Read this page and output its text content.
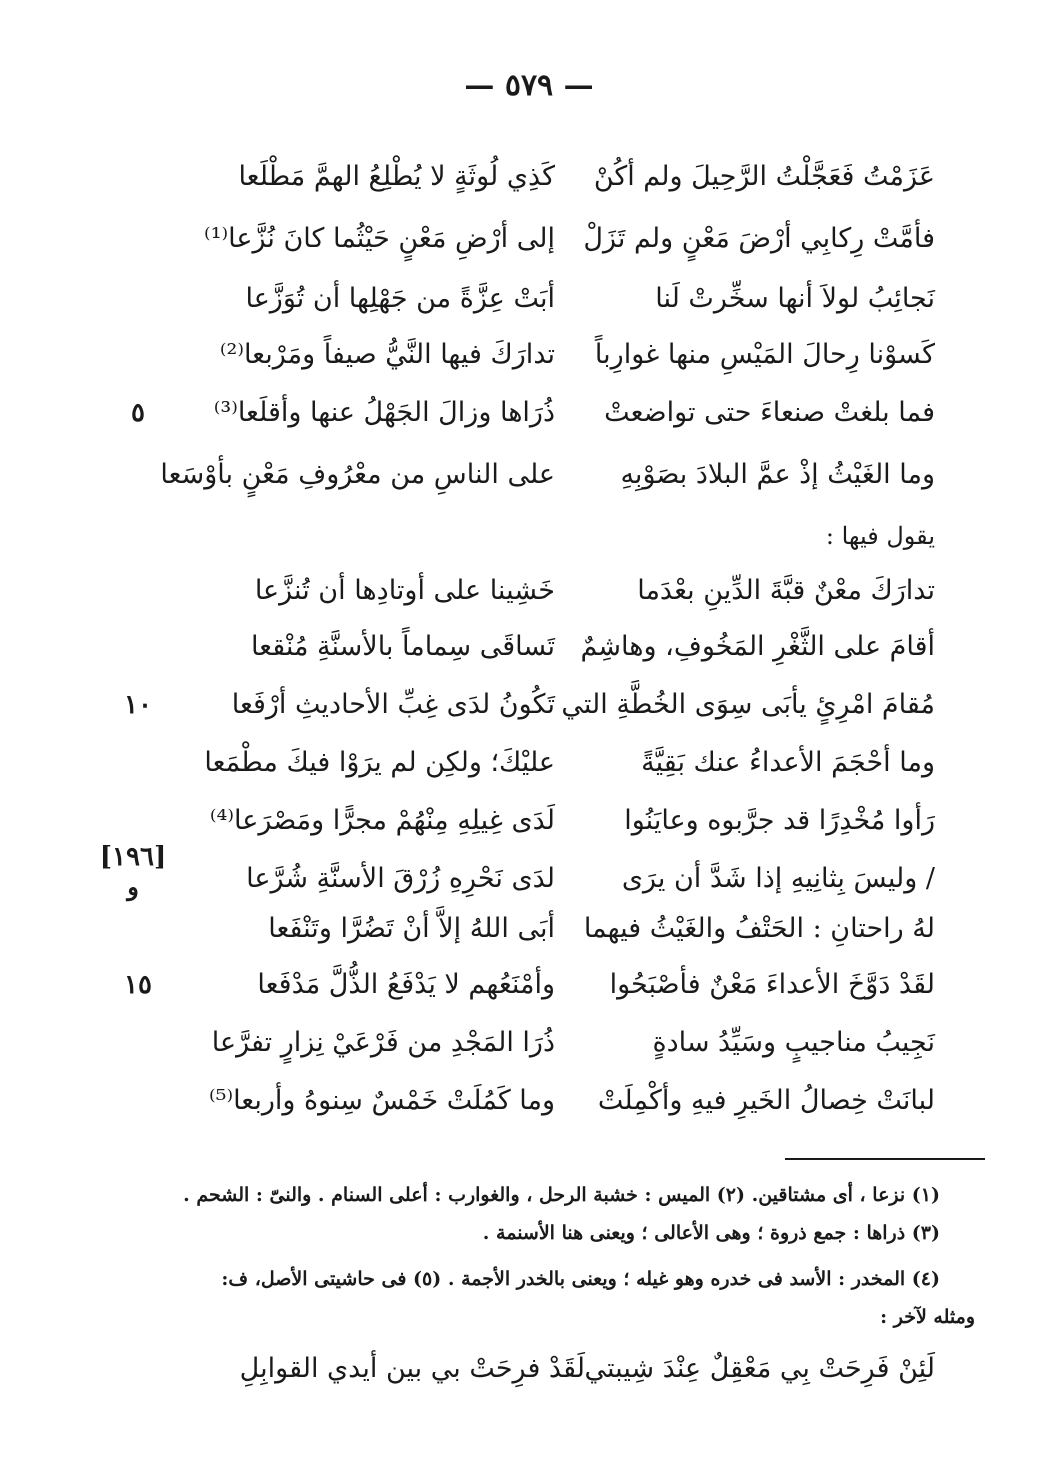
— ٥٧٩ —
عَزَمْتُ فَعَجَّلْتُ الرَّحِيلَ ولم أكُنْ
كَذِي لُوثَةٍ لا يُطْلِعُ الهمَّ مَطْلَعا
فأمَّتْ رِكابِي أرْضَ مَعْنٍ ولم تَزَلْ
إلى أرْضِ مَعْنٍ حَيْثُما كانَ نُزَّعا⁽¹⁾
نَجائِبُ لولاَ أنها سخِّرتْ لَنا
أبَتْ عِزَّةً من جَهْلِها أن تُوَزَّعا
كَسوْنا رِحالَ المَيْسِ منها غوارِباً
تدارَكَ فيها النَّيُّ صيفاً ومَرْبعا⁽²⁾
فما بلغتْ صنعاءَ حتى تواضعتْ
ذُرَاها وزالَ الجَهْلُ عنها وأقلَعا⁽³⁾
٥
وما الغَيْثُ إذْ عمَّ البلادَ بصَوْبِهِ
على الناسِ من معْرُوفِ مَعْنٍ بأوْسَعا
يقول فيها :
تدارَكَ معْنٌ قبَّةَ الدِّينِ بعْدَما
خَشِينا على أوتادِها أن تُنزَّعا
أقامَ على الثَّغْرِ المَخُوفِ، وهاشِمٌ
تَساقَى سِماماً بالأسنَّةِ مُنْقعا
مُقامَ امْرِئٍ يأبَى سِوَى الخُطَّةِ التي
تَكُونُ لدَى غِبِّ الأحاديثِ أرْفَعا
١٠
وما أحْجَمَ الأعداءُ عنك بَقِيَّةً
عليْكَ؛ ولكِن لم يرَوْا فيكَ مطْمَعا
رَأوا مُخْدِرًا قد جرَّبوه وعايَنُوا
لَدَى غِيلِهِ مِنْهُمْ مجرًّا ومَصْرَعا⁽⁴⁾
/ وليسَ بِثانِيهِ إذا شَدَّ أن يرَى
لدَى نَحْرِهِ زُرْقَ الأسنَّةِ شُرَّعا
لهُ راحتانِ : الحَتْفُ والغَيْثُ فيهما
أبَى اللهُ إلاَّ أنْ تَضُرَّا وتَنْفَعا
لقَدْ دَوَّخَ الأعداءَ مَعْنٌ فأصْبَحُوا
وأمْنَعُهم لا يَدْفَعُ الذُّلَّ مَدْفَعا
١٥
نَجِيبُ مناجيبٍ وسَيِّدُ سادةٍ
ذُرَا المَجْدِ من فَرْعَيْ نِزارٍ تفرَّعا
لبانَتْ خِصالُ الخَيرِ فيهِ وأكْمِلَتْ
وما كَمُلَتْ خَمْسٌ سِنوهُ وأربعا⁽⁵⁾
[١٩٦]
و
(١) نزعا ، أى مشتاقين. (٢) الميس : خشبة الرحل ، والغوارب : أعلى السنام . والنىّ : الشحم .
(٣) ذراها : جمع ذروة ؛ وهى الأعالى ؛ ويعنى هنا الأسنمة .
(٤) المخدر : الأسد فى خدره وهو غيله ؛ ويعنى بالخدر الأجمة . (٥) فى حاشيتى الأصل، ف:
ومثله لآخر :
لَئِنْ فَرِحَتْ بِي مَعْقِلٌ عِنْدَ شِيبتي
لَقَدْ فرِحَتْ بي بين أيدي القوابِلِ
